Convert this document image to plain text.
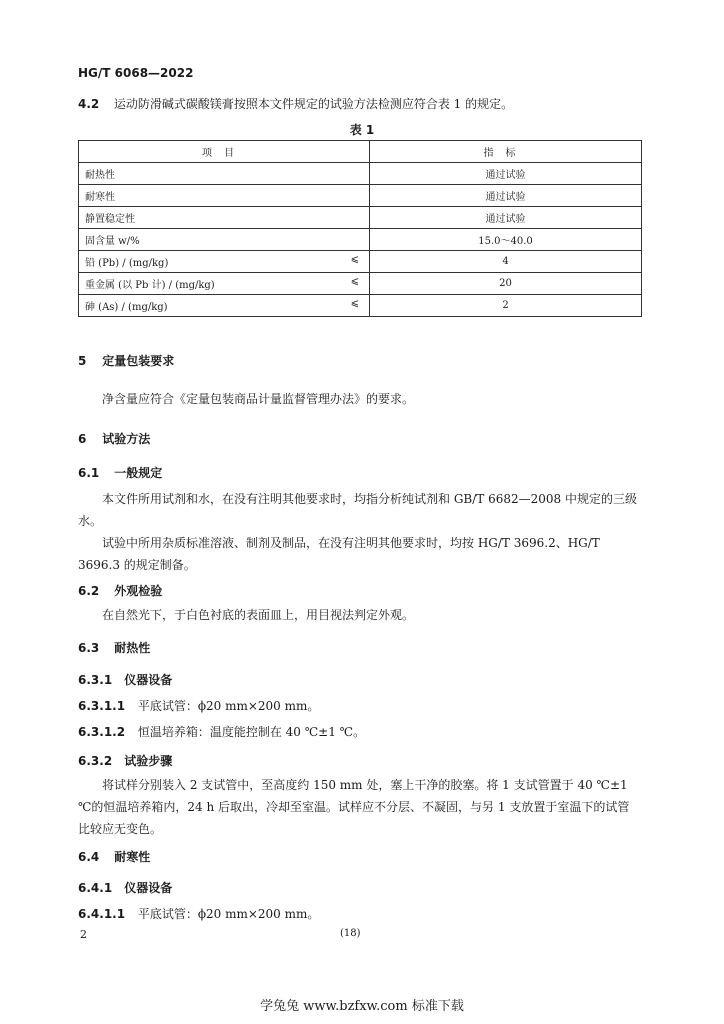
HG/T 6068—2022
4.2 运动防滑碱式碳酸镁膏按照本文件规定的试验方法检测应符合表 1 的规定。
表 1
项目	指标
耐热性	通过试验
耐寒性	通过试验
静置稳定性	通过试验
固含量 w/%	15.0～40.0
铅 (Pb) / (mg/kg) ⩽	4
重金属 (以 Pb 计) / (mg/kg) ⩽	20
砷 (As) / (mg/kg) ⩽	2
5 定量包装要求
净含量应符合《定量包装商品计量监督管理办法》的要求。
6 试验方法
6.1 一般规定
本文件所用试剂和水，在没有注明其他要求时，均指分析纯试剂和 GB/T 6682—2008 中规定的三级水。
试验中所用杂质标准溶液、制剂及制品，在没有注明其他要求时，均按 HG/T 3696.2、HG/T 3696.3 的规定制备。
6.2 外观检验
在自然光下，于白色衬底的表面皿上，用目视法判定外观。
6.3 耐热性
6.3.1 仪器设备
6.3.1.1 平底试管：ϕ20 mm×200 mm。
6.3.1.2 恒温培养箱：温度能控制在 40 ℃±1 ℃。
6.3.2 试验步骤
将试样分别装入 2 支试管中，至高度约 150 mm 处，塞上干净的胶塞。将 1 支试管置于 40 ℃±1 ℃的恒温培养箱内，24 h 后取出，冷却至室温。试样应不分层、不凝固，与另 1 支放置于室温下的试管比较应无变色。
6.4 耐寒性
6.4.1 仪器设备
6.4.1.1 平底试管：ϕ20 mm×200 mm。
2	(18)
学兔兔 www.bzfxw.com 标准下载
